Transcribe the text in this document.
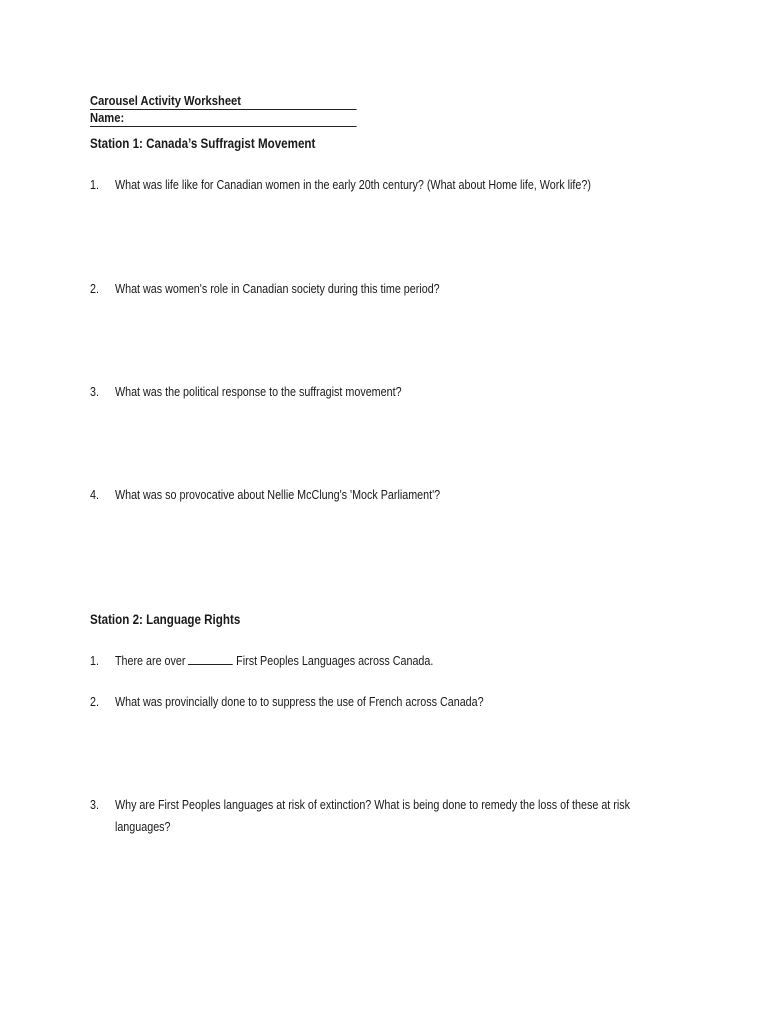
Carousel Activity WorksheetName:
Station 1: Canada’s Suffragist Movement
1. What was life like for Canadian women in the early 20th century? (What about Home life, Work life?)
2. What was women's role in Canadian society during this time period?
3. What was the political response to the suffragist movement?
4. What was so provocative about Nellie McClung's 'Mock Parliament'?
Station 2: Language Rights
1. There are over	First Peoples Languages across Canada.
2. What was provincially done to to suppress the use of French across Canada?
3. Why are First Peoples languages at risk of extinction? What is being done to remedy the loss of these at risk languages?
